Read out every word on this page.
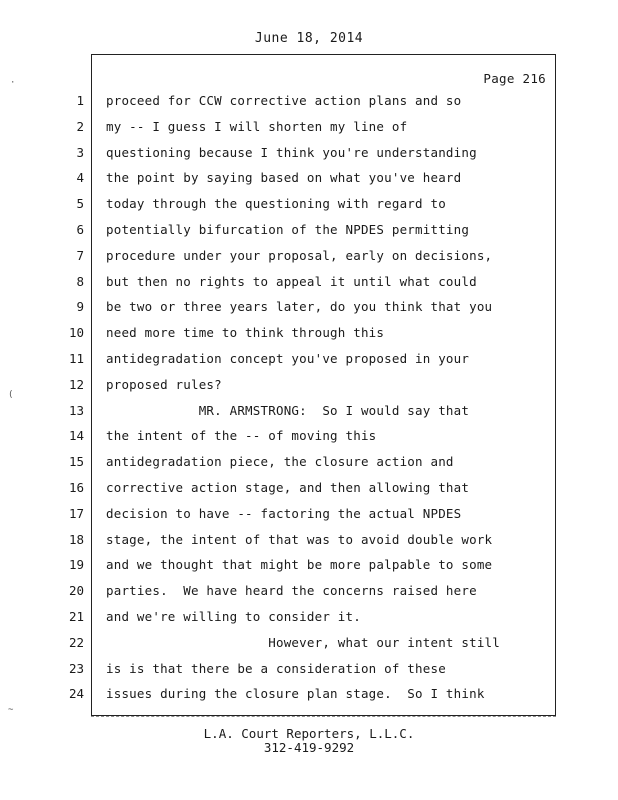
June 18, 2014
Page 216
1
2
3
4
5
6
7
8
9
10
11
12
13
14
15
16
17
18
19
20
21
22
23
24
proceed for CCW corrective action plans and so
my -- I guess I will shorten my line of
questioning because I think you're understanding
the point by saying based on what you've heard
today through the questioning with regard to
potentially bifurcation of the NPDES permitting
procedure under your proposal, early on decisions,
but then no rights to appeal it until what could
be two or three years later, do you think that you
need more time to think through this
antidegradation concept you've proposed in your
proposed rules?
MR. ARMSTRONG:  So I would say that
the intent of the -- of moving this
antidegradation piece, the closure action and
corrective action stage, and then allowing that
decision to have -- factoring the actual NPDES
stage, the intent of that was to avoid double work
and we thought that might be more palpable to some
parties.  We have heard the concerns raised here
and we're willing to consider it.
However, what our intent still
is is that there be a consideration of these
issues during the closure plan stage.  So I think
L.A. Court Reporters, L.L.C.
312-419-9292
·
(
~
